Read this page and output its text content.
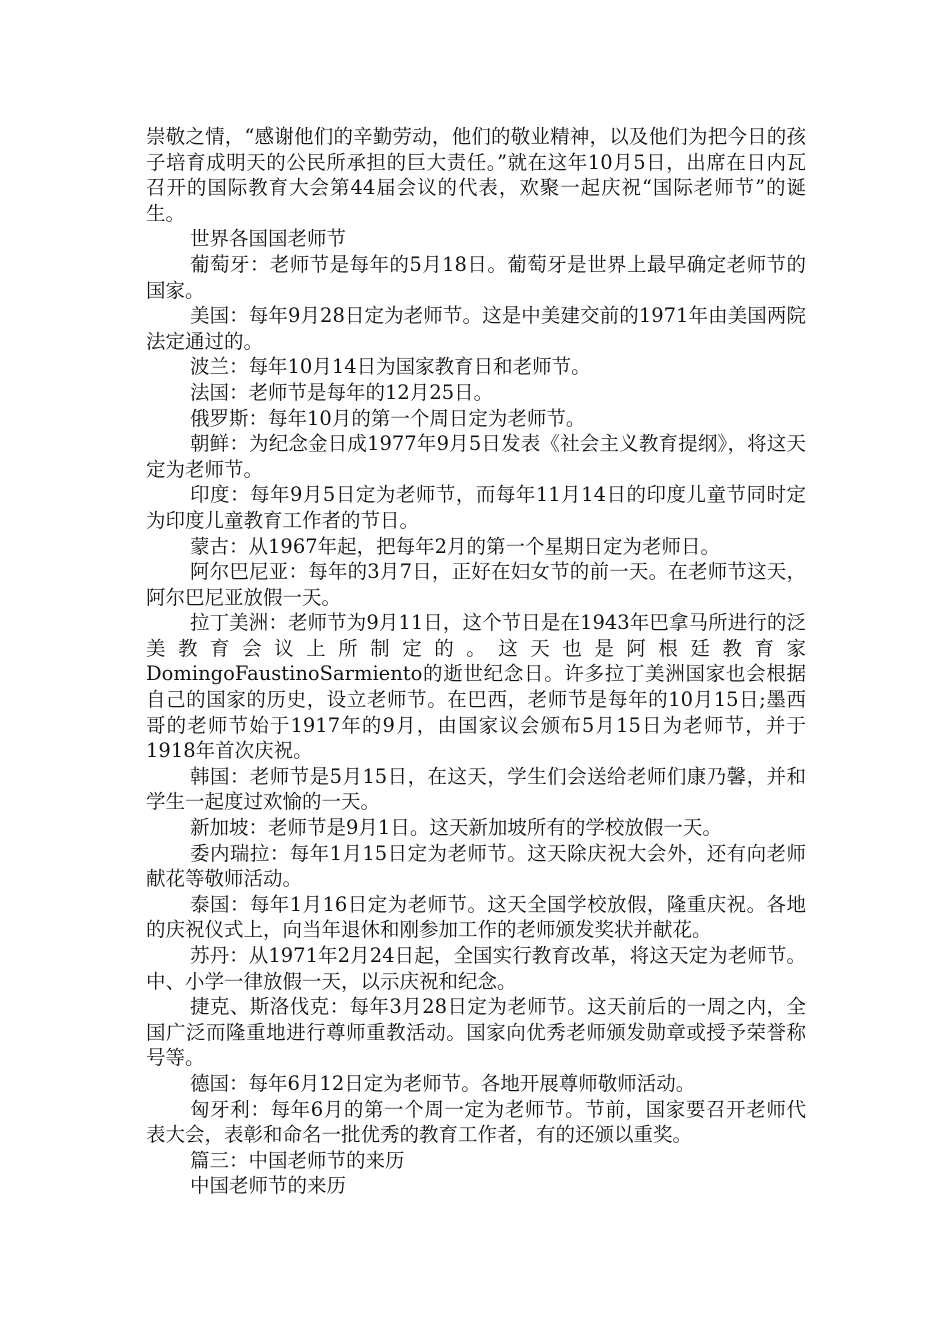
崇敬之情，“感谢他们的辛勤劳动，他们的敬业精神，以及他们为把今日的孩子培育成明天的公民所承担的巨大责任。”就在这年10月5日，出席在日内瓦召开的国际教育大会第44届会议的代表，欢聚一起庆祝“国际老师节”的诞生。

世界各国国老师节

葡萄牙：老师节是每年的5月18日。葡萄牙是世界上最早确定老师节的国家。

美国：每年9月28日定为老师节。这是中美建交前的1971年由美国两院法定通过的。

波兰：每年10月14日为国家教育日和老师节。

法国：老师节是每年的12月25日。

俄罗斯：每年10月的第一个周日定为老师节。

朝鲜：为纪念金日成1977年9月5日发表《社会主义教育提纲》，将这天定为老师节。

印度：每年9月5日定为老师节，而每年11月14日的印度儿童节同时定为印度儿童教育工作者的节日。

蒙古：从1967年起，把每年2月的第一个星期日定为老师日。

阿尔巴尼亚：每年的3月7日，正好在妇女节的前一天。在老师节这天，阿尔巴尼亚放假一天。

拉丁美洲：老师节为9月11日，这个节日是在1943年巴拿马所进行的泛美教育会议上所制定的。这天也是阿根廷教育家DomingoFaustinoSarmiento的逝世纪念日。许多拉丁美洲国家也会根据自己的国家的历史，设立老师节。在巴西，老师节是每年的10月15日;墨西哥的老师节始于1917年的9月，由国家议会颁布5月15日为老师节，并于1918年首次庆祝。

韩国：老师节是5月15日，在这天，学生们会送给老师们康乃馨，并和学生一起度过欢愉的一天。

新加坡：老师节是9月1日。这天新加坡所有的学校放假一天。

委内瑞拉：每年1月15日定为老师节。这天除庆祝大会外，还有向老师献花等敬师活动。

泰国：每年1月16日定为老师节。这天全国学校放假，隆重庆祝。各地的庆祝仪式上，向当年退休和刚参加工作的老师颁发奖状并献花。

苏丹：从1971年2月24日起，全国实行教育改革，将这天定为老师节。中、小学一律放假一天，以示庆祝和纪念。

捷克、斯洛伐克：每年3月28日定为老师节。这天前后的一周之内，全国广泛而隆重地进行尊师重教活动。国家向优秀老师颁发勋章或授予荣誉称号等。

德国：每年6月12日定为老师节。各地开展尊师敬师活动。

匈牙利：每年6月的第一个周一定为老师节。节前，国家要召开老师代表大会，表彰和命名一批优秀的教育工作者，有的还颁以重奖。

篇三：中国老师节的来历

中国老师节的来历
